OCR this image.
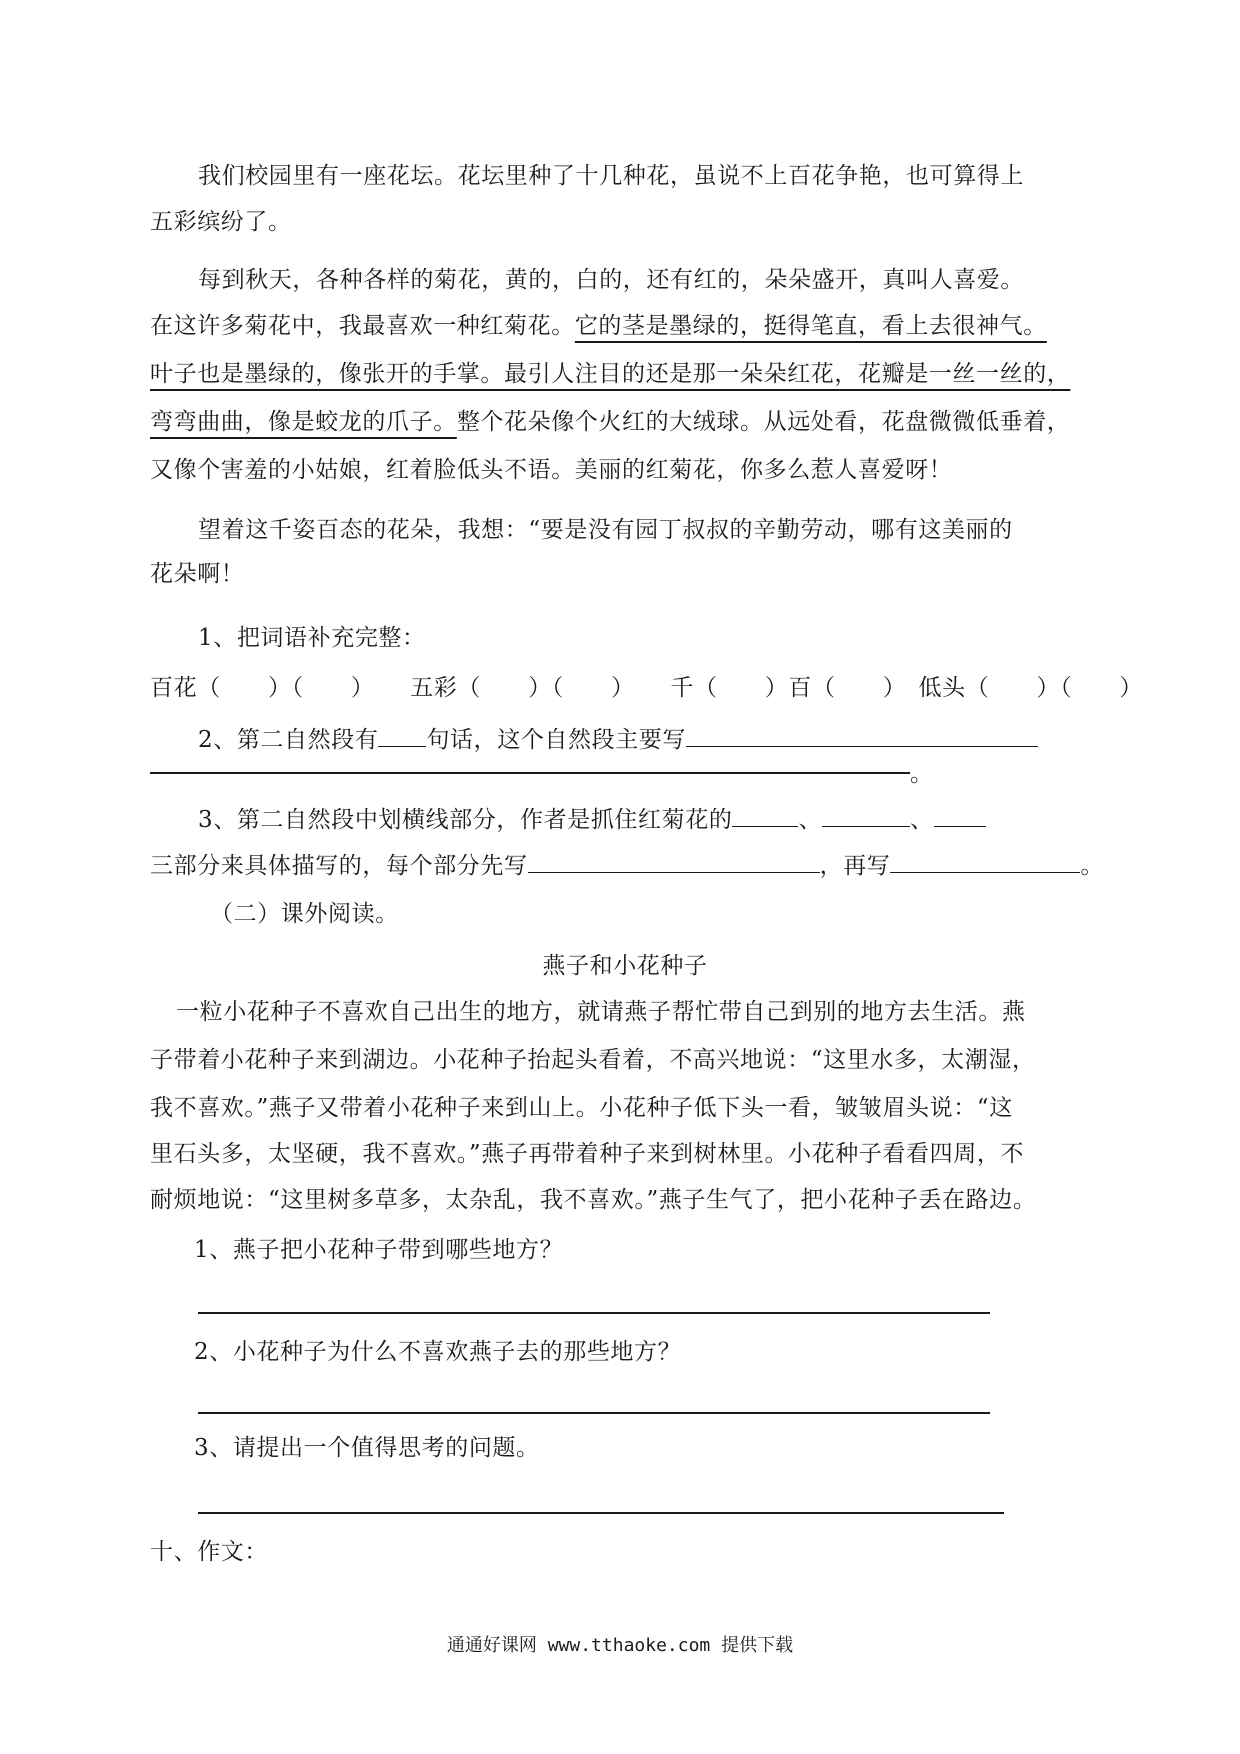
我们校园里有一座花坛。花坛里种了十几种花，虽说不上百花争艳，也可算得上
五彩缤纷了。
每到秋天，各种各样的菊花，黄的，白的，还有红的，朵朵盛开，真叫人喜爱。
在这许多菊花中，我最喜欢一种红菊花。它的茎是墨绿的，挺得笔直，看上去很神气。
叶子也是墨绿的，像张开的手掌。最引人注目的还是那一朵朵红花，花瓣是一丝一丝的，
弯弯曲曲，像是蛟龙的爪子。整个花朵像个火红的大绒球。从远处看，花盘微微低垂着，
又像个害羞的小姑娘，红着脸低头不语。美丽的红菊花，你多么惹人喜爱呀！
望着这千姿百态的花朵，我想：“要是没有园丁叔叔的辛勤劳动，哪有这美丽的
花朵啊！
1、把词语补充完整：
百花（　　）（　　）　　五彩（　　）（　　）　　千（　　）百（　　）　低头（　　）（　　）
2、第二自然段有 句话，这个自然段主要写
。
3、第二自然段中划横线部分，作者是抓住红菊花的	、	、
三部分来具体描写的，每个部分先写	，再写	。
（二）课外阅读。
燕子和小花种子
一粒小花种子不喜欢自己出生的地方，就请燕子帮忙带自己到别的地方去生活。燕
子带着小花种子来到湖边。小花种子抬起头看着，不高兴地说：“这里水多，太潮湿，
我不喜欢。”燕子又带着小花种子来到山上。小花种子低下头一看，皱皱眉头说：“这
里石头多，太坚硬，我不喜欢。”燕子再带着种子来到树林里。小花种子看看四周，不
耐烦地说：“这里树多草多，太杂乱，我不喜欢。”燕子生气了，把小花种子丢在路边。
1、燕子把小花种子带到哪些地方？
2、小花种子为什么不喜欢燕子去的那些地方？
3、请提出一个值得思考的问题。
十、作文：
通通好课网 www.tthaoke.com 提供下载
